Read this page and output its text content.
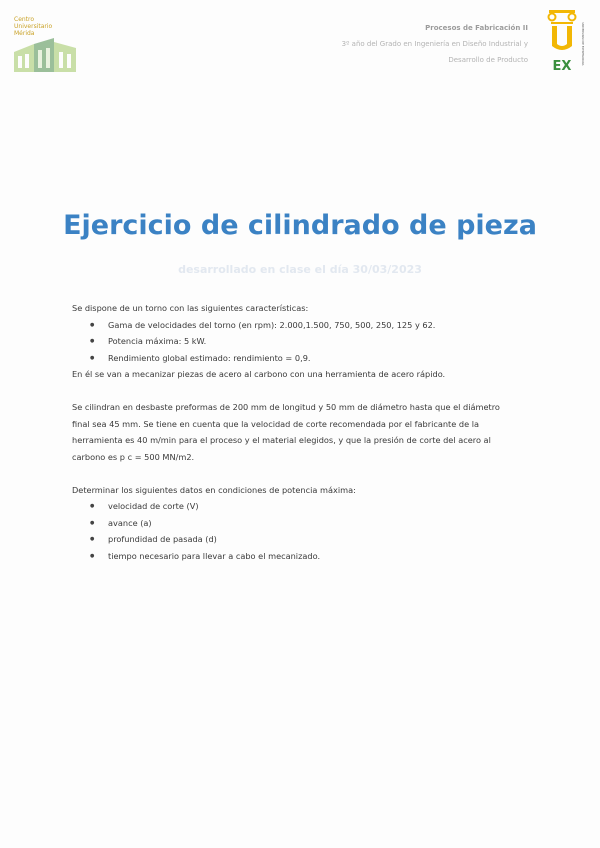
Centro
Universitario
Mérida
Procesos de Fabricación II
3º año del Grado en Ingeniería en Diseño Industrial y
Desarrollo de Producto EX
UNIVERSIDAD DE EXTREMADURA
Ejercicio de cilindrado de pieza
desarrollado en clase el día 30/03/2023

Se dispone de un torno con las siguientes características:

● Gama de velocidades del torno (en rpm): 2.000,1.500, 750, 500, 250, 125 y 62.
● Potencia máxima: 5 kW.
● Rendimiento global estimado: rendimiento = 0,9.

En él se van a mecanizar piezas de acero al carbono con una herramienta de acero rápido.

Se cilindran en desbaste preformas de 200 mm de longitud y 50 mm de diámetro hasta que el diámetro

final sea 45 mm. Se tiene en cuenta que la velocidad de corte recomendada por el fabricante de la

herramienta es 40 m/min para el proceso y el material elegidos, y que la presión de corte del acero al

carbono es p c = 500 MN/m2.

Determinar los siguientes datos en condiciones de potencia máxima:

● velocidad de corte (V)
● avance (a)
● profundidad de pasada (d)
● tiempo necesario para llevar a cabo el mecanizado.
